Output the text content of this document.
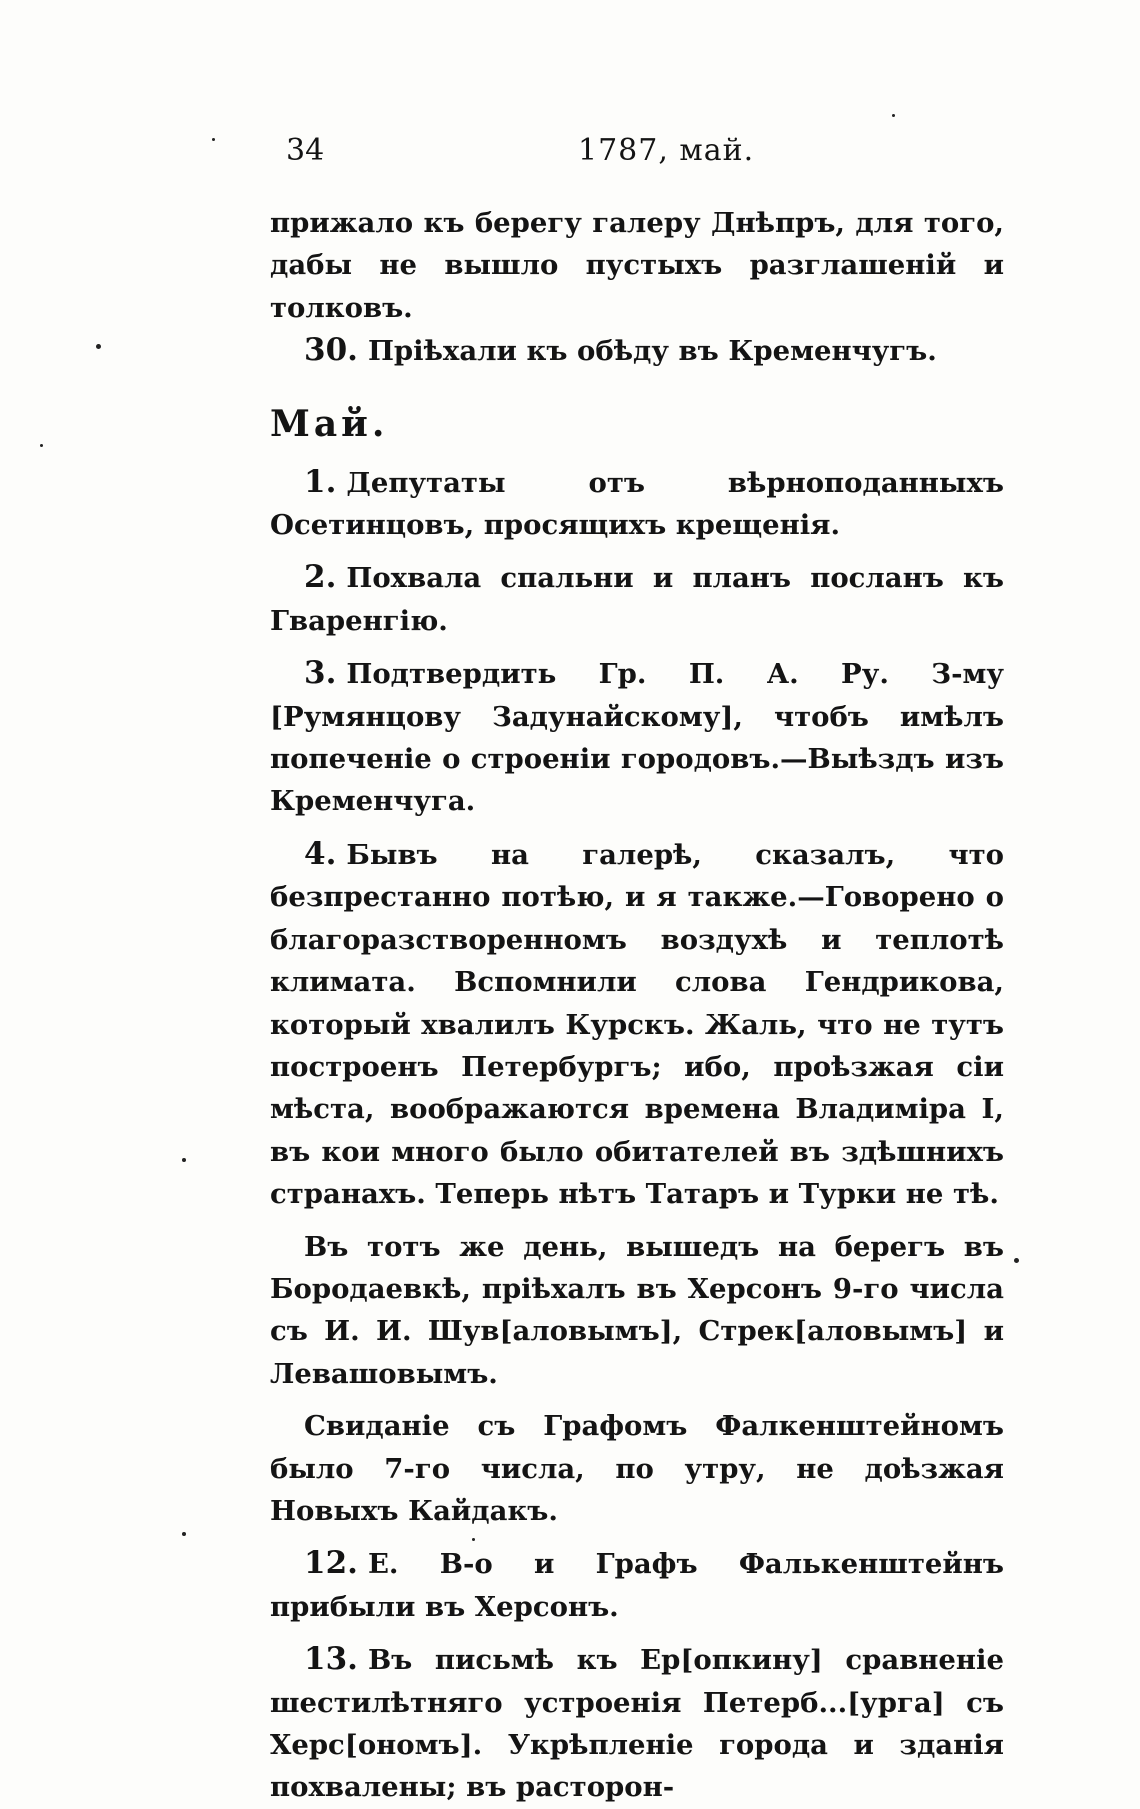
34	1787, май.

прижало къ берегу галеру Днѣпръ, для того, дабы не вышло пустыхъ разглашеній и толковъ.

30. Пріѣхали къ обѣду въ Кременчугъ.

Май.

1. Депутаты отъ вѣрноподанныхъ Осетинцовъ, просящихъ крещенія.

2. Похвала спальни и планъ посланъ къ Гваренгію.

3. Подтвердить Гр. П. А. Ру. З-му [Румянцову Задунайскому], чтобъ имѣлъ попеченіе о строеніи городовъ.—Выѣздъ изъ Кременчуга.

4. Бывъ на галерѣ, сказалъ, что безпрестанно потѣю, и я также.—Говорено о благоразстворенномъ воздухѣ и теплотѣ климата. Вспомнили слова Гендрикова, который хвалилъ Курскъ. Жаль, что не тутъ построенъ Петербургъ; ибо, проѣзжая сіи мѣста, воображаются времена Владиміра I, въ кои много было обитателей въ здѣшнихъ странахъ. Теперь нѣтъ Татаръ и Турки не тѣ.

Въ тотъ же день, вышедъ на берегъ въ Бородаевкѣ, пріѣхалъ въ Херсонъ 9-го числа съ И. И. Шув[аловымъ], Стрек[аловымъ] и Левашовымъ.

Свиданіе съ Графомъ Фалкенштейномъ было 7-го числа, по утру, не доѣзжая Новыхъ Кайдакъ.

12. Е. В-о и Графъ Фалькенштейнъ прибыли въ Херсонъ.

13. Въ письмѣ къ Ер[опкину] сравненіе шестилѣтняго устроенія Петерб...[урга] съ Херс[ономъ]. Укрѣпленіе города и зданія похвалены; въ расторон-
